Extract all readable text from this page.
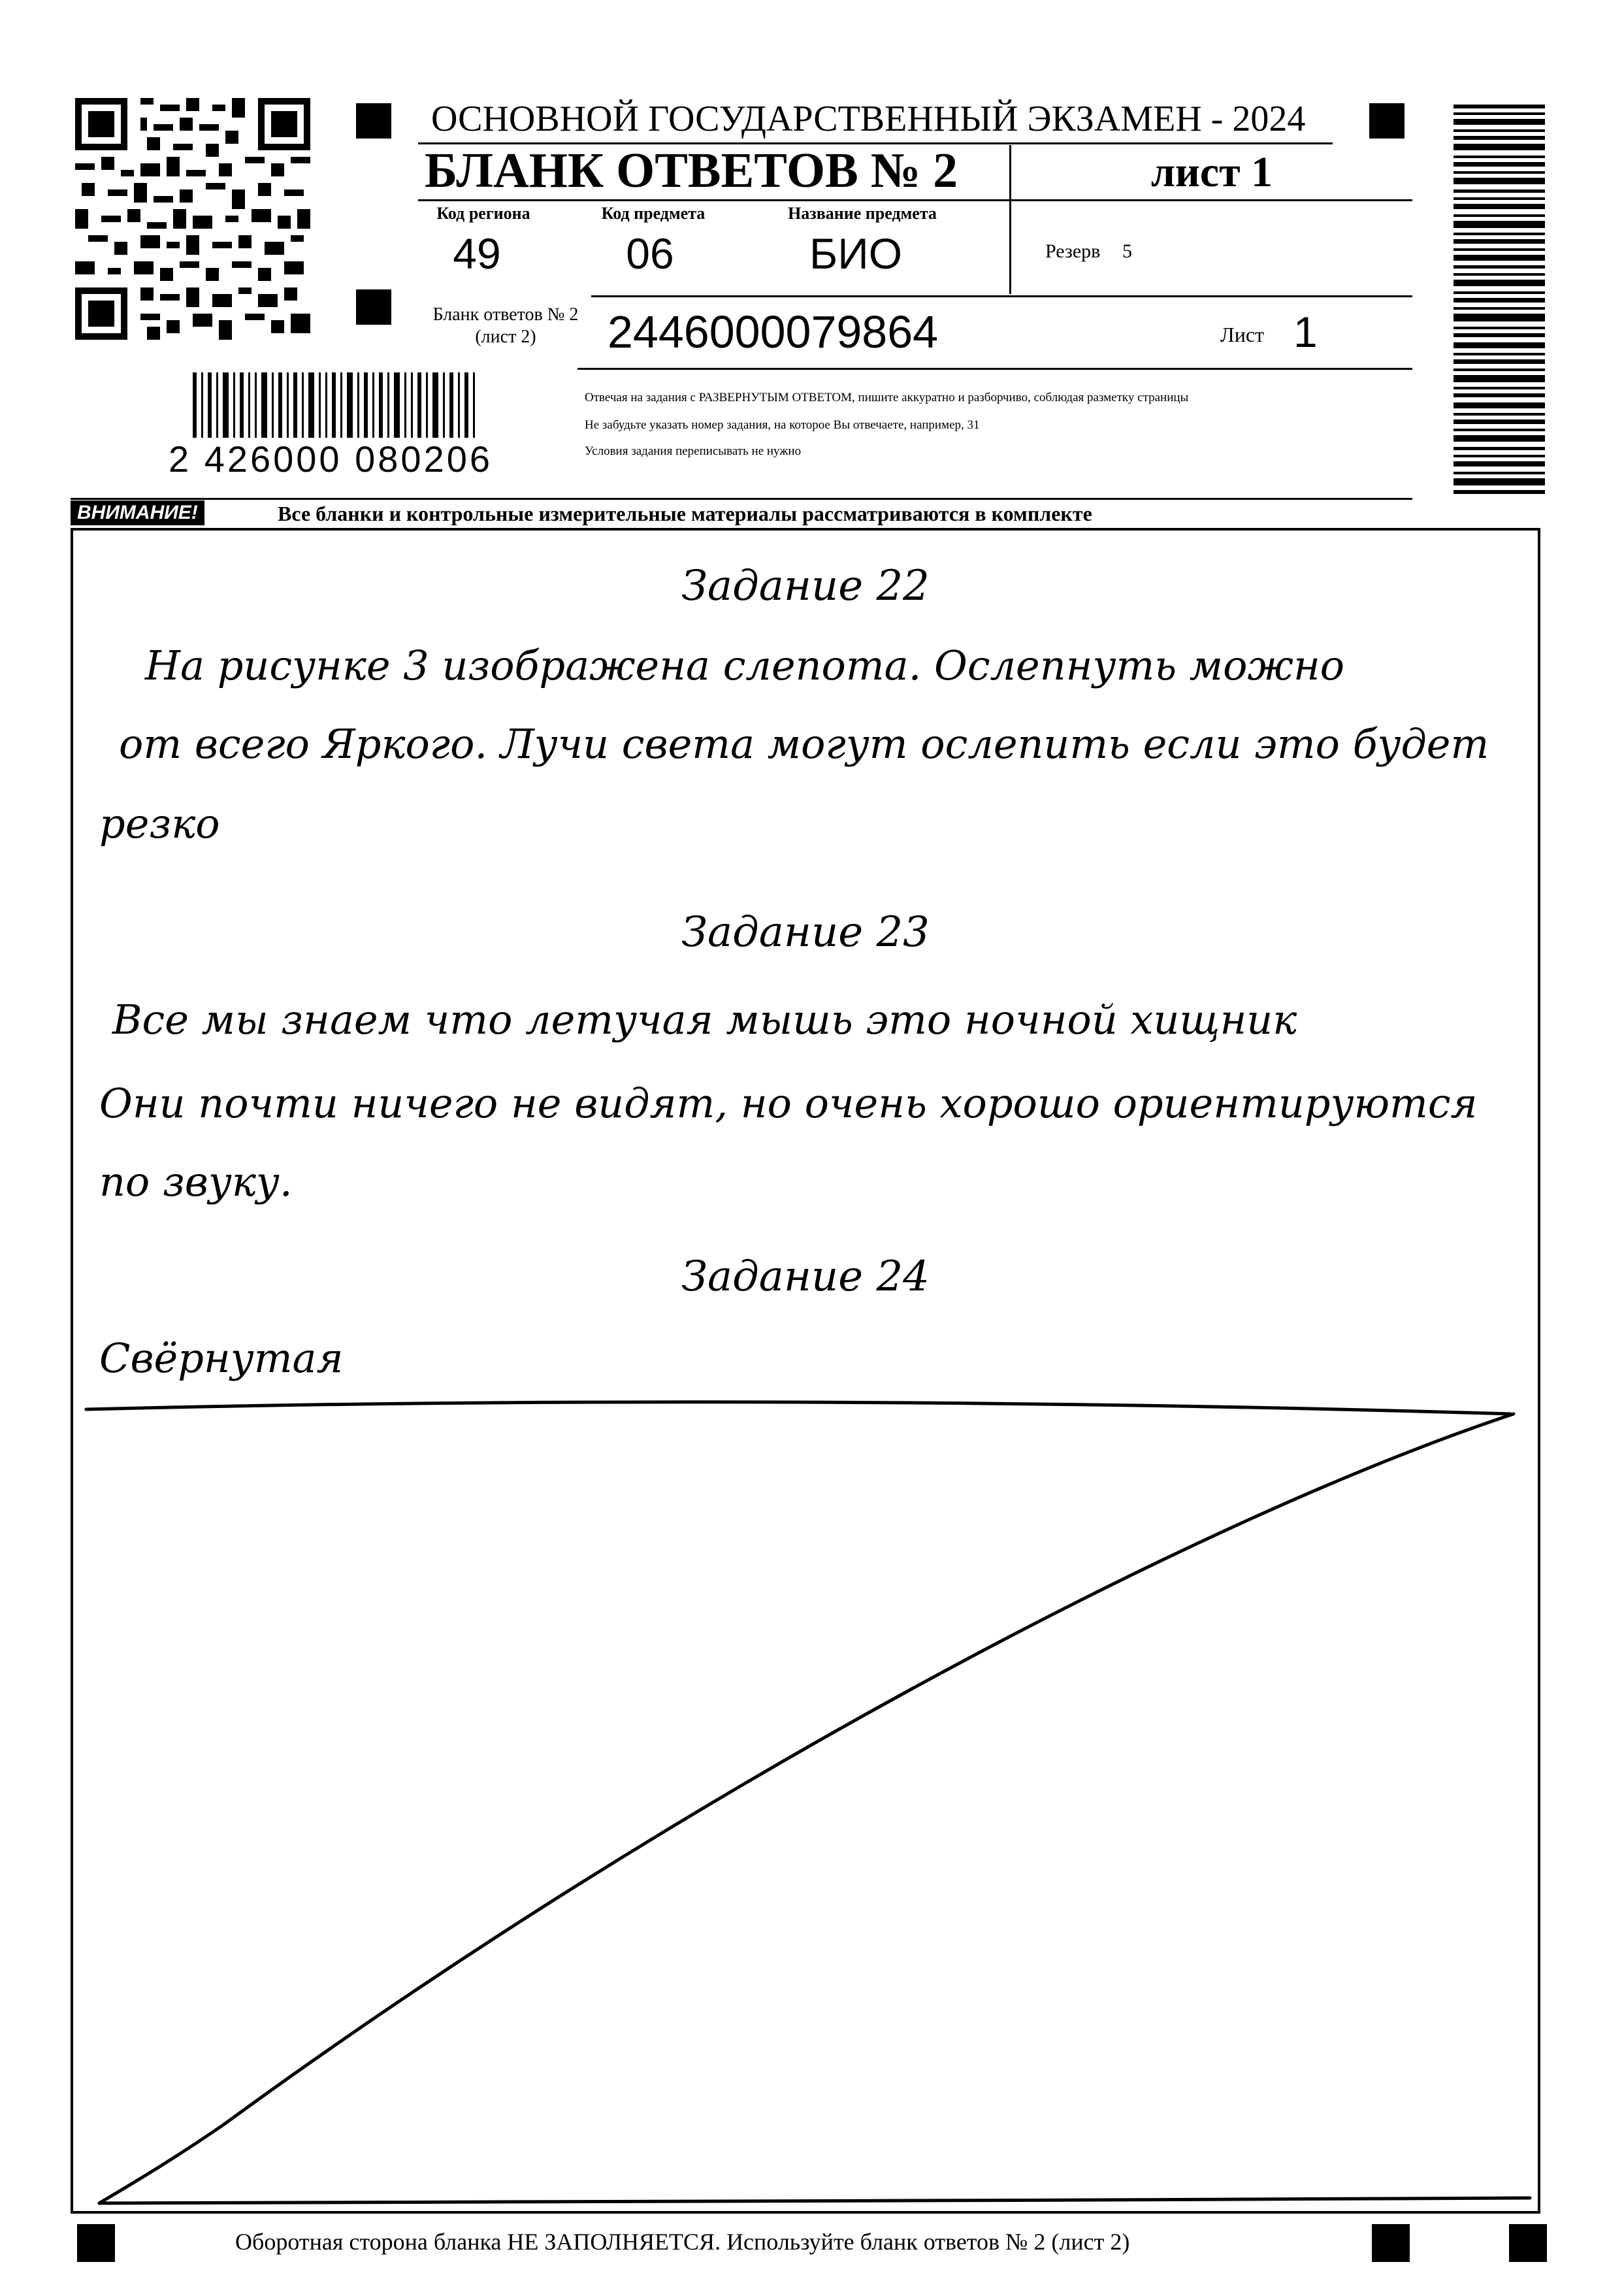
ОСНОВНОЙ ГОСУДАРСТВЕННЫЙ ЭКЗАМЕН - 2024
БЛАНК ОТВЕТОВ № 2	лист 1
Код региона
49
Код предмета
06
Название предмета
БИО	Резерв 5
Бланк ответов № 2
(лист 2)	2446000079864	Лист 1
Отвечая на задания с РАЗВЕРНУТЫМ ОТВЕТОМ, пишите аккуратно и разборчиво, соблюдая разметку страницы
Не забудьте указать номер задания, на которое Вы отвечаете, например, 31
Условия задания переписывать не нужно
2 426000 080206
ВНИМАНИЕ!	Все бланки и контрольные измерительные материалы рассматриваются в комплекте
Задание 22
На рисунке 3 изображена слепота. Ослепнуть можно
от всего Яркого. Лучи света могут ослепить если это будет
резко
Задание 23
Все мы знаем что летучая мышь это ночной хищник
Они почти ничего не видят, но очень хорошо ориентируются
по звуку.
Задание 24
Свёрнутая
Оборотная сторона бланка НЕ ЗАПОЛНЯЕТСЯ. Используйте бланк ответов № 2 (лист 2)
